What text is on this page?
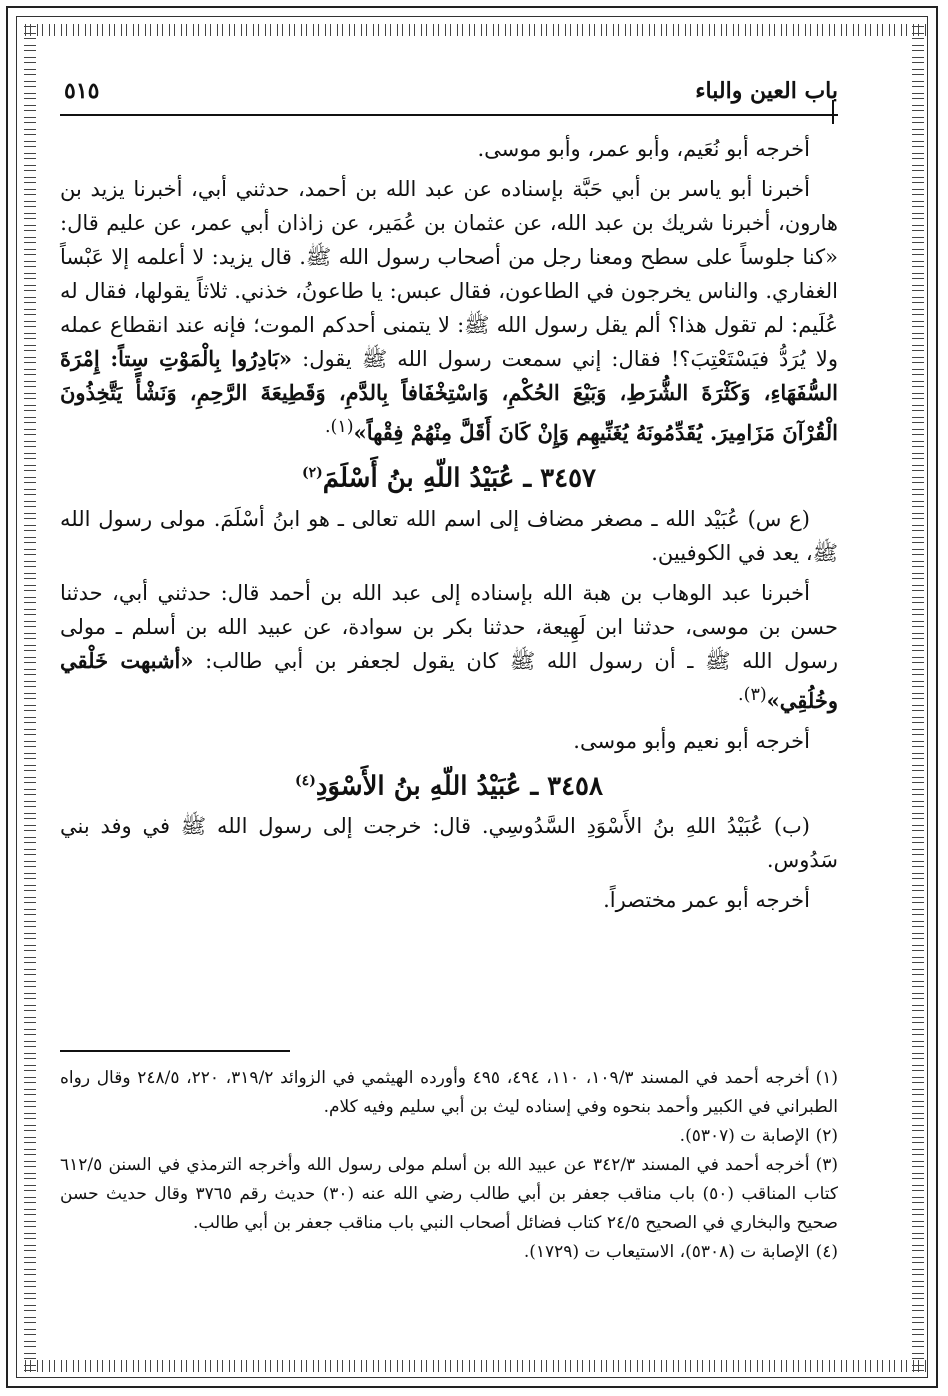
باب العين والباء
٥١٥

أخرجه أبو نُعَيم، وأبو عمر، وأبو موسى.

أخبرنا أبو ياسر بن أبي حَبَّة بإسناده عن عبد الله بن أحمد، حدثني أبي، أخبرنا يزيد بن هارون، أخبرنا شريك بن عبد الله، عن عثمان بن عُمَير، عن زاذان أبي عمر، عن عليم قال: «كنا جلوساً على سطح ومعنا رجل من أصحاب رسول الله ﷺ. قال يزيد: لا أعلمه إلا عَبْساً الغفاري. والناس يخرجون في الطاعون، فقال عبس: يا طاعونُ، خذني. ثلاثاً يقولها، فقال له عُلَيم: لم تقول هذا؟ ألم يقل رسول الله ﷺ: لا يتمنى أحدكم الموت؛ فإنه عند انقطاع عمله ولا يُرَدُّ فيَسْتَعْتِبَ؟! فقال: إني سمعت رسول الله ﷺ يقول: «بَادِرُوا بِالْمَوْتِ سِتاً: إِمْرَةَ السُّفَهَاءِ، وَكَثْرَةَ الشُّرَطِ، وَبَيْعَ الحُكْمِ، وَاسْتِخْفَافاً بِالدَّمِ، وَقَطِيعَةَ الرَّحِمِ، وَنَشْأً يَتَّخِذُونَ الْقُرْآنَ مَزَامِيرَ. يُقَدِّمُونَهُ يُغَنِّيهِم وَإِنْ كَانَ أَقَلَّ مِنْهُمْ فِقْهاً»$^{(١).}$

٣٤٥٧ ـ عُبَيْدُ اللّهِ بنُ أَسْلَمَ$^{(٢)}$

(ع س) عُبَيْد الله ـ مصغر مضاف إلى اسم الله تعالى ـ هو ابنُ أسْلَمَ. مولى رسول الله ﷺ، يعد في الكوفيين.

أخبرنا عبد الوهاب بن هبة الله بإسناده إلى عبد الله بن أحمد قال: حدثني أبي، حدثنا حسن بن موسى، حدثنا ابن لَهِيعة، حدثنا بكر بن سوادة، عن عبيد الله بن أسلم ـ مولى رسول الله ﷺ ـ أن رسول الله ﷺ كان يقول لجعفر بن أبي طالب: «أشبهت خَلْقي وخُلُقِي»$^{(٣).}$

أخرجه أبو نعيم وأبو موسى.

٣٤٥٨ ـ عُبَيْدُ اللّهِ بنُ الأَسْوَدِ$^{(٤)}$

(ب) عُبَيْدُ اللهِ بنُ الأَسْوَدِ السَّدُوسِي. قال: خرجت إلى رسول الله ﷺ في وفد بني سَدُوس.

أخرجه أبو عمر مختصراً.

(١)أخرجه أحمد في المسند ١٠٩/٣، ١١٠، ٤٩٤، ٤٩٥ وأورده الهيثمي في الزوائد ٣١٩/٢، ٢٢٠، ٢٤٨/٥ وقال رواه الطبراني في الكبير وأحمد بنحوه وفي إسناده ليث بن أبي سليم وفيه كلام.

(٢)الإصابة ت (٥٣٠٧).

(٣)أخرجه أحمد في المسند ٣٤٢/٣ عن عبيد الله بن أسلم مولى رسول الله وأخرجه الترمذي في السنن ٦١٢/٥ كتاب المناقب (٥٠) باب مناقب جعفر بن أبي طالب رضي الله عنه (٣٠) حديث رقم ٣٧٦٥ وقال حديث حسن صحيح والبخاري في الصحيح ٢٤/٥ كتاب فضائل أصحاب النبي باب مناقب جعفر بن أبي طالب.

(٤)الإصابة ت (٥٣٠٨)، الاستيعاب ت (١٧٢٩).
